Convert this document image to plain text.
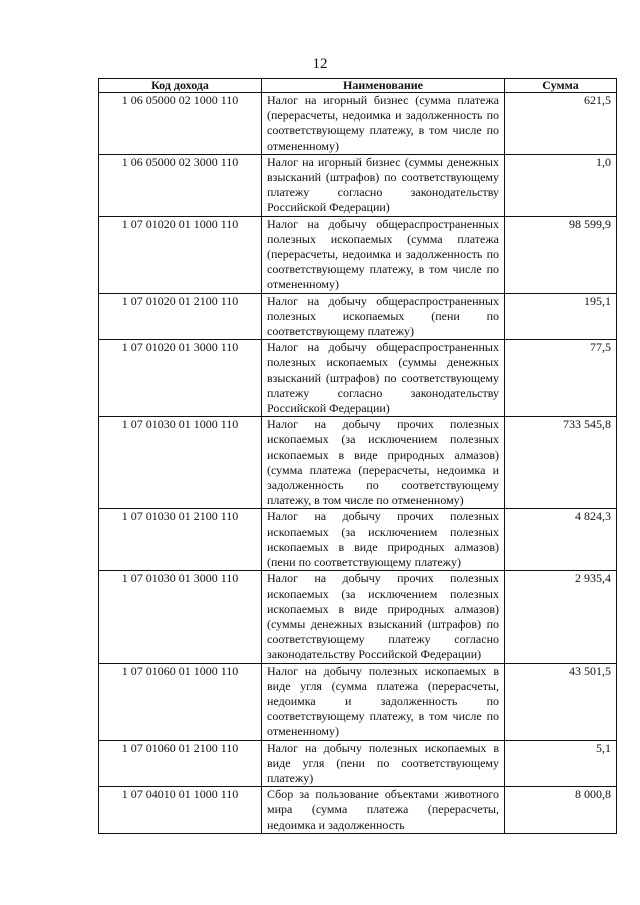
12
Код дохода	Наименование	Сумма
1 06 05000 02 1000 110	Налог на игорный бизнес (сумма платежа (перерасчеты, недоимка и задолженность по соответствующему платежу, в том числе по отмененному)	621,5
1 06 05000 02 3000 110	Налог на игорный бизнес (суммы денежных взысканий (штрафов) по соответствующему платежу согласно законодательству Российской Федерации)	1,0
1 07 01020 01 1000 110	Налог на добычу общераспространенных полезных ископаемых (сумма платежа (перерасчеты, недоимка и задолженность по соответствующему платежу, в том числе по отмененному)	98 599,9
1 07 01020 01 2100 110	Налог на добычу общераспространенных полезных ископаемых (пени по соответствующему платежу)	195,1
1 07 01020 01 3000 110	Налог на добычу общераспространенных полезных ископаемых (суммы денежных взысканий (штрафов) по соответствующему платежу согласно законодательству Российской Федерации)	77,5
1 07 01030 01 1000 110	Налог на добычу прочих полезных ископаемых (за исключением полезных ископаемых в виде природных алмазов) (сумма платежа (перерасчеты, недоимка и задолженность по соответствующему платежу, в том числе по отмененному)	733 545,8
1 07 01030 01 2100 110	Налог на добычу прочих полезных ископаемых (за исключением полезных ископаемых в виде природных алмазов) (пени по соответствующему платежу)	4 824,3
1 07 01030 01 3000 110	Налог на добычу прочих полезных ископаемых (за исключением полезных ископаемых в виде природных алмазов) (суммы денежных взысканий (штрафов) по соответствующему платежу согласно законодательству Российской Федерации)	2 935,4
1 07 01060 01 1000 110	Налог на добычу полезных ископаемых в виде угля (сумма платежа (перерасчеты, недоимка и задолженность по соответствующему платежу, в том числе по отмененному)	43 501,5
1 07 01060 01 2100 110	Налог на добычу полезных ископаемых в виде угля (пени по соответствующему платежу)	5,1
1 07 04010 01 1000 110	Сбор за пользование объектами животного мира (сумма платежа (перерасчеты, недоимка и задолженность	8 000,8
